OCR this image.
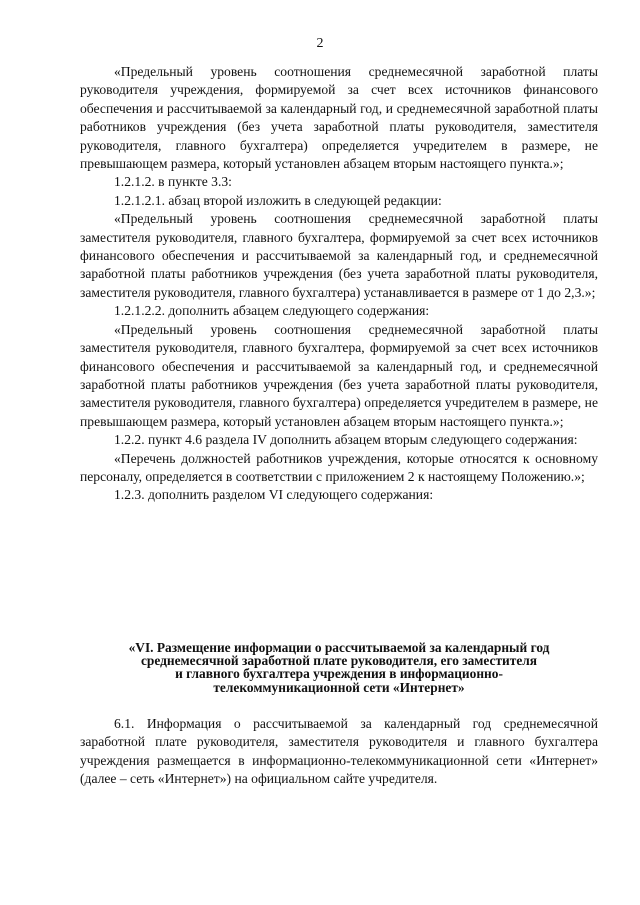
2

«Предельный уровень соотношения среднемесячной заработной платы руководителя учреждения, формируемой за счет всех источников финансового обеспечения и рассчитываемой за календарный год, и среднемесячной заработной платы работников учреждения (без учета заработной платы руководителя, заместителя руководителя, главного бухгалтера) определяется учредителем в размере, не превышающем размера, который установлен абзацем вторым настоящего пункта.»;

1.2.1.2. в пункте 3.3:

1.2.1.2.1. абзац второй изложить в следующей редакции:

«Предельный уровень соотношения среднемесячной заработной платы заместителя руководителя, главного бухгалтера, формируемой за счет всех источников финансового обеспечения и рассчитываемой за календарный год, и среднемесячной заработной платы работников учреждения (без учета заработной платы руководителя, заместителя руководителя, главного бухгалтера) устанавливается в размере от 1 до 2,3.»;

1.2.1.2.2. дополнить абзацем следующего содержания:

«Предельный уровень соотношения среднемесячной заработной платы заместителя руководителя, главного бухгалтера, формируемой за счет всех источников финансового обеспечения и рассчитываемой за календарный год, и среднемесячной заработной платы работников учреждения (без учета заработной платы руководителя, заместителя руководителя, главного бухгалтера) определяется учредителем в размере, не превышающем размера, который установлен абзацем вторым настоящего пункта.»;

1.2.2. пункт 4.6 раздела IV дополнить абзацем вторым следующего содержания:

«Перечень должностей работников учреждения, которые относятся к основному персоналу, определяется в соответствии с приложением 2 к настоящему Положению.»;

1.2.3. дополнить разделом VI следующего содержания:

«VI. Размещение информации о рассчитываемой за календарный год
среднемесячной заработной плате руководителя, его заместителя
и главного бухгалтера учреждения в информационно-
телекоммуникационной сети «Интернет»

6.1. Информация о рассчитываемой за календарный год среднемесячной заработной плате руководителя, заместителя руководителя и главного бухгалтера учреждения размещается в информационно-телекоммуникационной сети «Интернет» (далее – сеть «Интернет») на официальном сайте учредителя.
